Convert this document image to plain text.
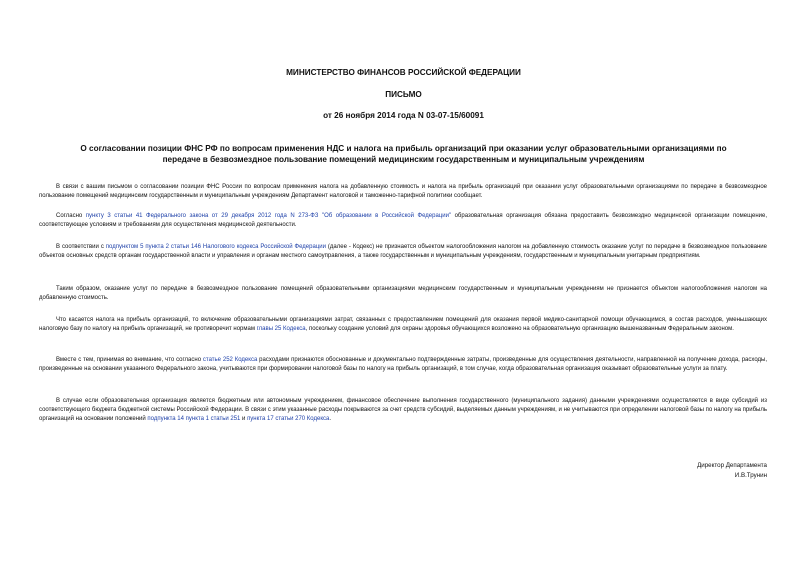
МИНИСТЕРСТВО ФИНАНСОВ РОССИЙСКОЙ ФЕДЕРАЦИИ
ПИСЬМО
от 26 ноября 2014 года N 03-07-15/60091
О согласовании позиции ФНС РФ по вопросам применения НДС и налога на прибыль организаций при оказании услуг образовательными организациями по передаче в безвозмездное пользование помещений медицинским государственным и муниципальным учреждениям

В связи с вашим письмом о согласовании позиции ФНС России по вопросам применения налога на добавленную стоимость и налога на прибыль организаций при оказании услуг образовательными организациями по передаче в безвозмездное пользование помещений медицинским государственным и муниципальным учреждениям Департамент налоговой и таможенно-тарифной политики сообщает.

Согласно пункту 3 статьи 41 Федерального закона от 29 декабря 2012 года N 273-ФЗ "Об образовании в Российской Федерации" образовательная организация обязана предоставить безвозмездно медицинской организации помещение, соответствующее условиям и требованиям для осуществления медицинской деятельности.

В соответствии с подпунктом 5 пункта 2 статьи 146 Налогового кодекса Российской Федерации (далее - Кодекс) не признается объектом налогообложения налогом на добавленную стоимость оказание услуг по передаче в безвозмездное пользование объектов основных средств органам государственной власти и управления и органам местного самоуправления, а также государственным и муниципальным учреждениям, государственным и муниципальным унитарным предприятиям.

Таким образом, оказание услуг по передаче в безвозмездное пользование помещений образовательными организациями медицинским государственным и муниципальным учреждениям не признается объектом налогообложения налогом на добавленную стоимость.

Что касается налога на прибыль организаций, то включение образовательными организациями затрат, связанных с предоставлением помещений для оказания первой медико-санитарной помощи обучающимся, в состав расходов, уменьшающих налоговую базу по налогу на прибыль организаций, не противоречит нормам главы 25 Кодекса, поскольку создание условий для охраны здоровья обучающихся возложено на образовательную организацию вышеназванным Федеральным законом.

Вместе с тем, принимая во внимание, что согласно статье 252 Кодекса расходами признаются обоснованные и документально подтвержденные затраты, произведенные для осуществления деятельности, направленной на получение дохода, расходы, произведенные на основании указанного Федерального закона, учитываются при формировании налоговой базы по налогу на прибыль организаций, в том случае, когда образовательная организация оказывает образовательные услуги за плату.

В случае если образовательная организация является бюджетным или автономным учреждением, финансовое обеспечение выполнения государственного (муниципального задания) данными учреждениями осуществляется в виде субсидий из соответствующего бюджета бюджетной системы Российской Федерации. В связи с этим указанные расходы покрываются за счет средств субсидий, выделяемых данным учреждениям, и не учитываются при определении налоговой базы по налогу на прибыль организаций на основании положений подпункта 14 пункта 1 статьи 251 и пункта 17 статьи 270 Кодекса.

Директор Департамента
И.В.Трунин
